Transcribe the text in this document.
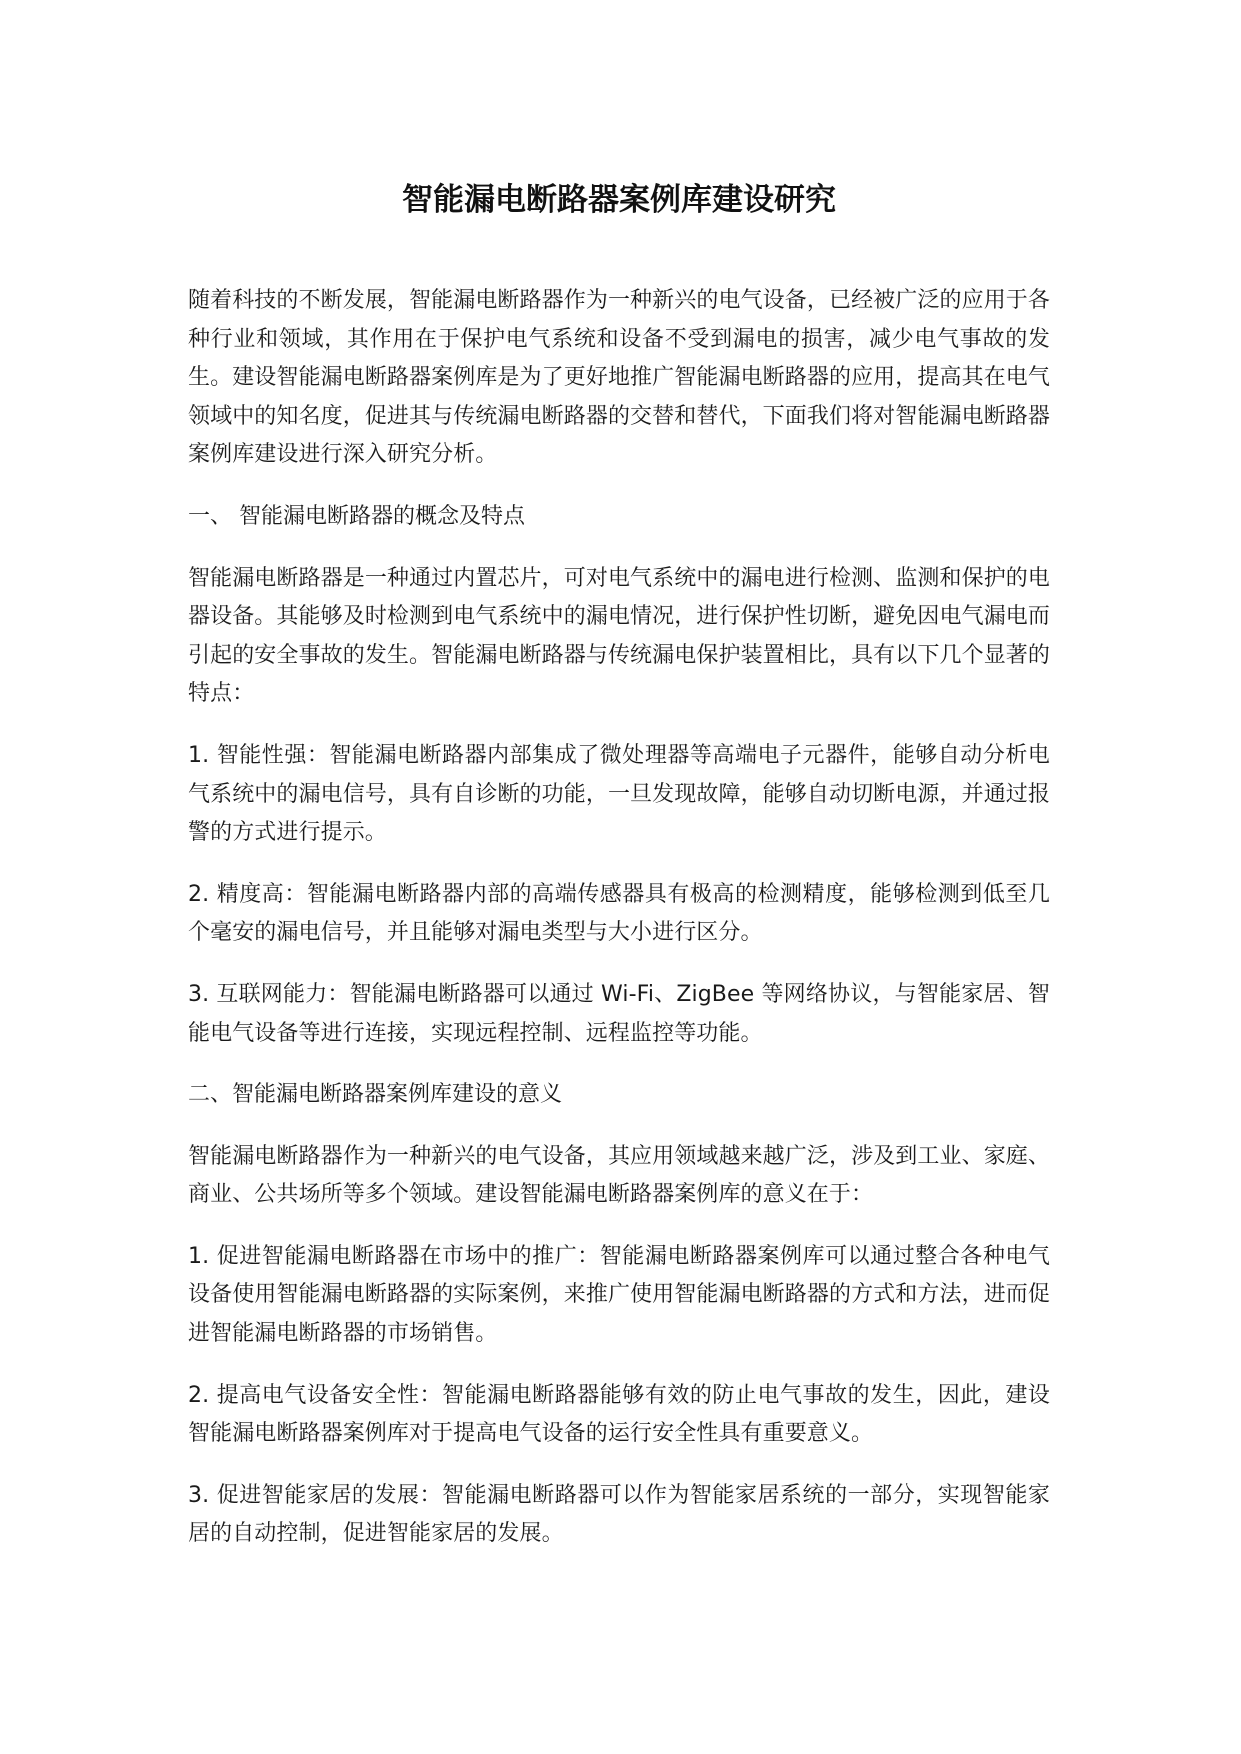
智能漏电断路器案例库建设研究

随着科技的不断发展，智能漏电断路器作为一种新兴的电气设备，已经被广泛的应用于各种行业和领域，其作用在于保护电气系统和设备不受到漏电的损害，减少电气事故的发生。建设智能漏电断路器案例库是为了更好地推广智能漏电断路器的应用，提高其在电气领域中的知名度，促进其与传统漏电断路器的交替和替代，下面我们将对智能漏电断路器案例库建设进行深入研究分析。

一、 智能漏电断路器的概念及特点

智能漏电断路器是一种通过内置芯片，可对电气系统中的漏电进行检测、监测和保护的电器设备。其能够及时检测到电气系统中的漏电情况，进行保护性切断，避免因电气漏电而引起的安全事故的发生。智能漏电断路器与传统漏电保护装置相比，具有以下几个显著的特点：

1. 智能性强：智能漏电断路器内部集成了微处理器等高端电子元器件，能够自动分析电气系统中的漏电信号，具有自诊断的功能，一旦发现故障，能够自动切断电源，并通过报警的方式进行提示。

2. 精度高：智能漏电断路器内部的高端传感器具有极高的检测精度，能够检测到低至几个毫安的漏电信号，并且能够对漏电类型与大小进行区分。

3. 互联网能力：智能漏电断路器可以通过 Wi-Fi、ZigBee 等网络协议，与智能家居、智能电气设备等进行连接，实现远程控制、远程监控等功能。

二、智能漏电断路器案例库建设的意义

智能漏电断路器作为一种新兴的电气设备，其应用领域越来越广泛，涉及到工业、家庭、商业、公共场所等多个领域。建设智能漏电断路器案例库的意义在于：

1. 促进智能漏电断路器在市场中的推广：智能漏电断路器案例库可以通过整合各种电气设备使用智能漏电断路器的实际案例，来推广使用智能漏电断路器的方式和方法，进而促进智能漏电断路器的市场销售。

2. 提高电气设备安全性：智能漏电断路器能够有效的防止电气事故的发生，因此，建设智能漏电断路器案例库对于提高电气设备的运行安全性具有重要意义。

3. 促进智能家居的发展：智能漏电断路器可以作为智能家居系统的一部分，实现智能家居的自动控制，促进智能家居的发展。
